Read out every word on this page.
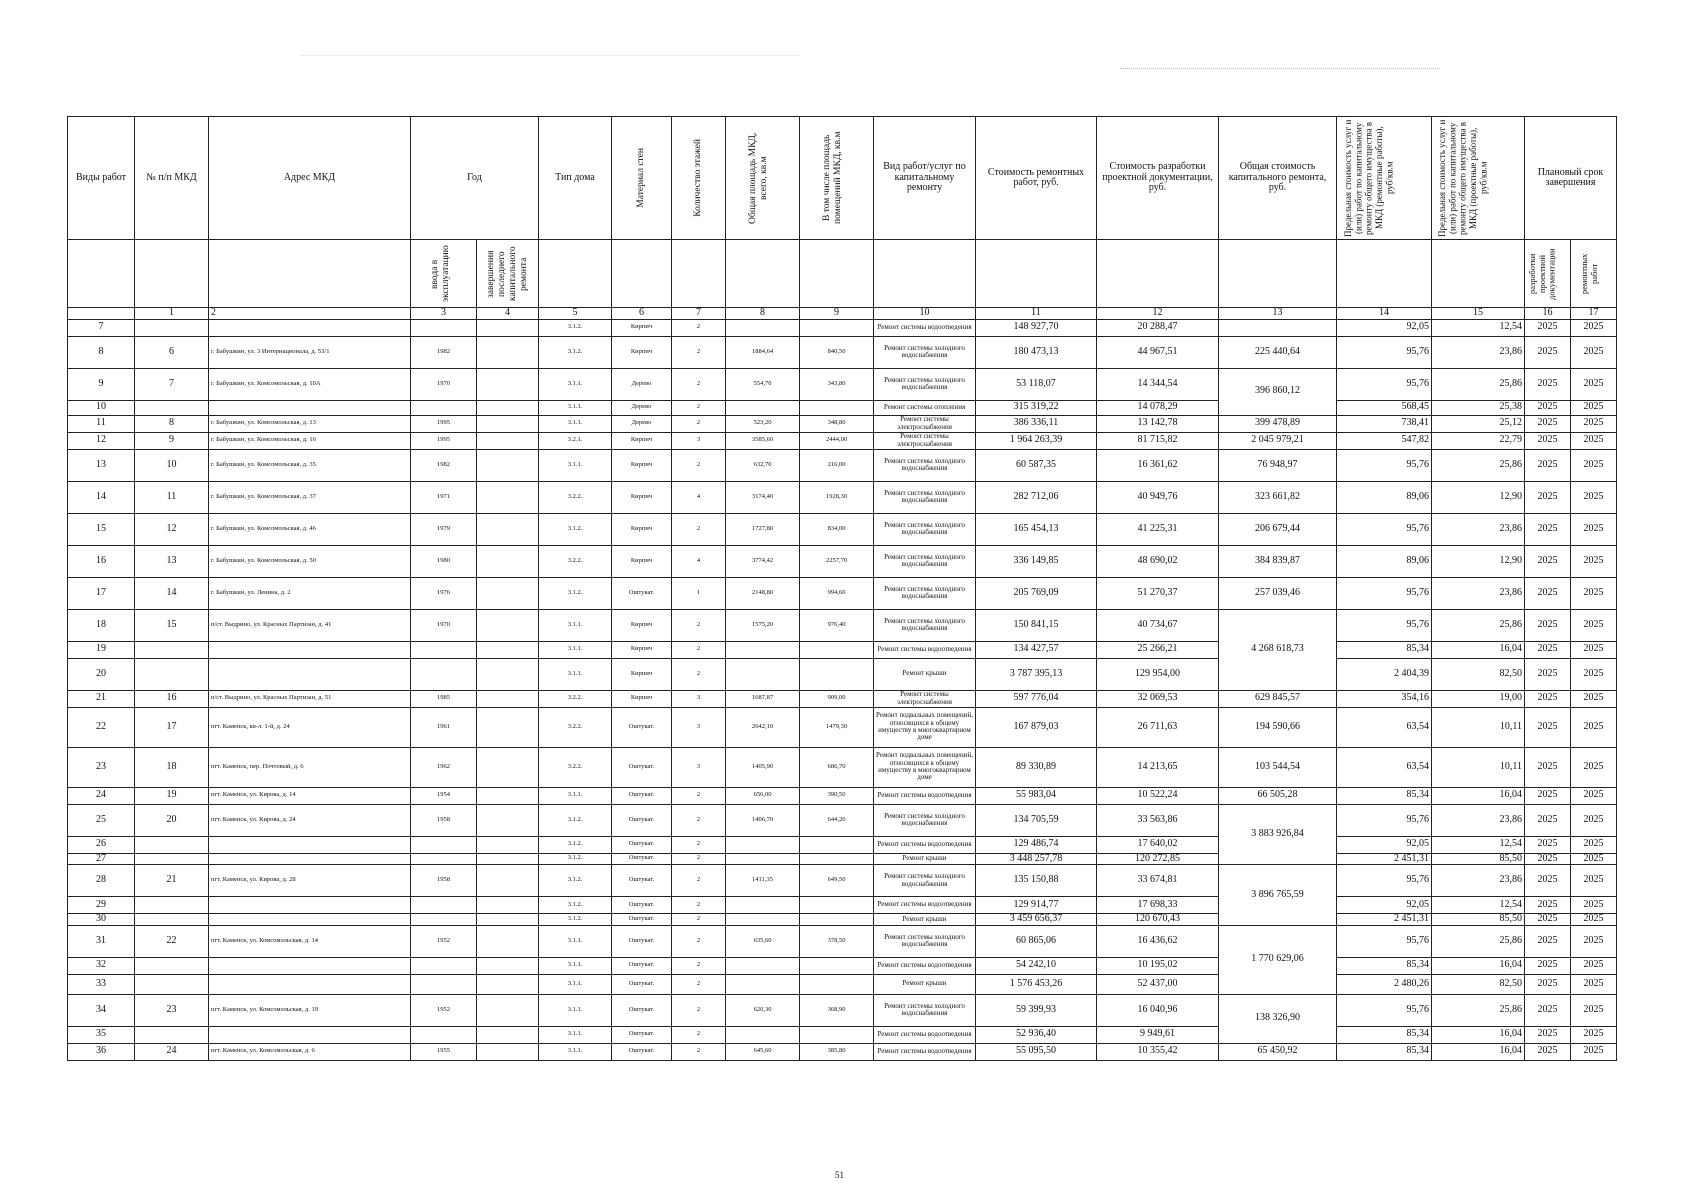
Виды работ	№ п/п МКД	Адрес МКД	Год		Тип дома	Материал стен	Количество этажей	Общая площадь МКД, всего, кв.м	В том числе площадь помещений МКД, кв.м	Вид работ/услуг по капитальному ремонту	Стоимость ремонтных работ, руб.	Стоимость разработки проектной документации, руб.	Общая стоимость капитального ремонта, руб.	Предельная стоимость услуг и (или) работ по капитальному ремонту общего имущества в МКД (ремонтные работы), руб/кв.м	Предельная стоимость услуг и (или) работ по капитальному ремонту общего имущества в МКД (проектные работы), руб/кв.м	Плановый срок завершения	

			ввода в эксплуатацию	завершения последнего капитального ремонта												разработки проектной документации	ремонтных работ

	1	2	3	4	5	6	7	8	9	10	11	12	13	14	15	16	17
7					3.1.2.	Кирпич	2			Ремонт системы водоотведения	148 927,70	20 288,47		92,05	12,54	2025	2025
8	6	г. Бабушкин, ул. 3 Интернационала, д. 53/1	1982		3.1.2.	Кирпич	2	1884,64	840,50	Ремонт системы холодного водоснабжения	180 473,13	44 967,51	225 440,64	95,76	23,86	2025	2025
9	7	г. Бабушкин, ул. Комсомольская, д. 10А	1970		3.1.1.	Дерево	2	554,70	343,80	Ремонт системы холодного водоснабжения	53 118,07	14 344,54	396 860,12	95,76	25,86	2025	2025
10					3.1.1.	Дерево	2			Ремонт системы отопления	315 319,22	14 078,29		568,45	25,38	2025	2025
11	8	г. Бабушкин, ул. Комсомольская, д. 13	1995		3.1.1.	Дерево	2	523,20	348,80	Ремонт системы электроснабжения	386 336,11	13 142,78	399 478,89	738,41	25,12	2025	2025
12	9	г. Бабушкин, ул. Комсомольская, д. 16	1995		3.2.1.	Кирпич	3	3585,60	2444,00	Ремонт системы электроснабжения	1 964 263,39	81 715,82	2 045 979,21	547,82	22,79	2025	2025
13	10	г. Бабушкин, ул. Комсомольская, д. 35	1982		3.1.1.	Кирпич	2	632,70	216,00	Ремонт системы холодного водоснабжения	60 587,35	16 361,62	76 948,97	95,76	25,86	2025	2025
14	11	г. Бабушкин, ул. Комсомольская, д. 37	1971		3.2.2.	Кирпич	4	3174,40	1928,30	Ремонт системы холодного водоснабжения	282 712,06	40 949,76	323 661,82	89,06	12,90	2025	2025
15	12	г. Бабушкин, ул. Комсомольская, д. 46	1979		3.1.2.	Кирпич	2	1727,80	834,00	Ремонт системы холодного водоснабжения	165 454,13	41 225,31	206 679,44	95,76	23,86	2025	2025
16	13	г. Бабушкин, ул. Комсомольская, д. 50	1980		3.2.2.	Кирпич	4	3774,42	2257,70	Ремонт системы холодного водоснабжения	336 149,85	48 690,02	384 839,87	89,06	12,90	2025	2025
17	14	г. Бабушкин, ул. Ленина, д. 2	1976		3.1.2.	Оштукат.	1	2148,80	994,60	Ремонт системы холодного водоснабжения	205 769,09	51 270,37	257 039,46	95,76	23,86	2025	2025
18	15	п/ст. Выдрино, ул. Красных Партизан, д. 41	1970		3.1.1.	Кирпич	2	1575,20	976,40	Ремонт системы холодного водоснабжения	150 841,15	40 734,67	4 268 618,73	95,76	25,86	2025	2025
19					3.1.1.	Кирпич	2			Ремонт системы водоотведения	134 427,57	25 266,21		85,34	16,04	2025	2025
20					3.1.1.	Кирпич	2			Ремонт крыши	3 787 395,13	129 954,00		2 404,39	82,50	2025	2025
21	16	п/ст. Выдрино, ул. Красных Партизан, д. 51	1985		3.2.2.	Кирпич	3	1687,87	909,00	Ремонт системы электроснабжения	597 776,04	32 069,53	629 845,57	354,16	19,00	2025	2025
22	17	пгт. Каменск, кв-л. 1-й, д. 24	1961		3.2.2.	Оштукат.	3	2642,10	1479,30	Ремонт подвальных помещений, относящихся к общему имуществу в многоквартирном доме	167 879,03	26 711,63	194 590,66	63,54	10,11	2025	2025
23	18	пгт. Каменск, пер. Почтовый, д. 6	1962		3.2.2.	Оштукат.	3	1405,90	686,70	Ремонт подвальных помещений, относящихся к общему имуществу в многоквартирном доме	89 330,89	14 213,65	103 544,54	63,54	10,11	2025	2025
24	19	пгт. Каменск, ул. Кирова, д. 14	1954		3.1.1.	Оштукат.	2	656,00	390,50	Ремонт системы водоотведения	55 983,04	10 522,24	66 505,28	85,34	16,04	2025	2025
25	20	пгт. Каменск, ул. Кирова, д. 24	1958		3.1.2.	Оштукат.	2	1406,70	644,20	Ремонт системы холодного водоснабжения	134 705,59	33 563,86	3 883 926,84	95,76	23,86	2025	2025
26					3.1.2.	Оштукат.	2			Ремонт системы водоотведения	129 486,74	17 640,02		92,05	12,54	2025	2025
27					3.1.2.	Оштукат.	2			Ремонт крыши	3 448 257,78	120 272,85		2 451,31	85,50	2025	2025
28	21	пгт. Каменск, ул. Кирова, д. 28	1958		3.1.2.	Оштукат.	2	1411,35	649,50	Ремонт системы холодного водоснабжения	135 150,88	33 674,81	3 896 765,59	95,76	23,86	2025	2025
29					3.1.2.	Оштукат.	2			Ремонт системы водоотведения	129 914,77	17 698,33		92,05	12,54	2025	2025
30					3.1.2.	Оштукат.	2			Ремонт крыши	3 459 656,37	120 670,43		2 451,31	85,50	2025	2025
31	22	пгт. Каменск, ул. Комсомольская, д. 14	1952		3.1.1.	Оштукат.	2	635,60	378,50	Ремонт системы холодного водоснабжения	60 865,06	16 436,62	1 770 629,06	95,76	25,86	2025	2025
32					3.1.1.	Оштукат.	2			Ремонт системы водоотведения	54 242,10	10 195,02		85,34	16,04	2025	2025
33					3.1.1.	Оштукат.	2			Ремонт крыши	1 576 453,26	52 437,00		2 480,26	82,50	2025	2025
34	23	пгт. Каменск, ул. Комсомольская, д. 19	1952		3.1.1.	Оштукат.	2	620,30	368,90	Ремонт системы холодного водоснабжения	59 399,93	16 040,96	138 326,90	95,76	25,86	2025	2025
35					3.1.1.	Оштукат.	2			Ремонт системы водоотведения	52 936,40	9 949,61		85,34	16,04	2025	2025
36	24	пгт. Каменск, ул. Комсомольская, д. 6	1955		3.1.1.	Оштукат.	2	645,60	385,80	Ремонт системы водоотведения	55 095,50	10 355,42	65 450,92	85,34	16,04	2025	2025
51
